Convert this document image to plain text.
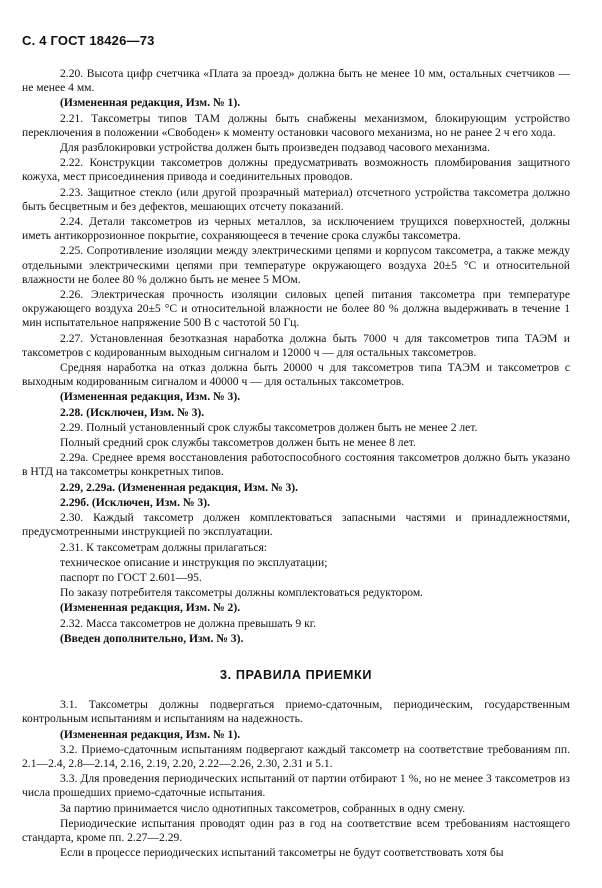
С. 4 ГОСТ 18426—73

2.20. Высота цифр счетчика «Плата за проезд» должна быть не менее 10 мм, остальных счетчиков — не менее 4 мм.

(Измененная редакция, Изм. № 1).

2.21. Таксометры типов ТАМ должны быть снабжены механизмом, блокирующим устройство переключения в положении «Свободен» к моменту остановки часового механизма, но не ранее 2 ч его хода.

Для разблокировки устройства должен быть произведен подзавод часового механизма.

2.22. Конструкции таксометров должны предусматривать возможность пломбирования защитного кожуха, мест присоединения привода и соединительных проводов.

2.23. Защитное стекло (или другой прозрачный материал) отсчетного устройства таксометра должно быть бесцветным и без дефектов, мешающих отсчету показаний.

2.24. Детали таксометров из черных металлов, за исключением трущихся поверхностей, должны иметь антикоррозионное покрытие, сохраняющееся в течение срока службы таксометра.

2.25. Сопротивление изоляции между электрическими цепями и корпусом таксометра, а также между отдельными электрическими цепями при температуре окружающего воздуха 20±5 °С и относительной влажности не более 80 % должно быть не менее 5 МОм.

2.26. Электрическая прочность изоляции силовых цепей питания таксометра при температуре окружающего воздуха 20±5 °С и относительной влажности не более 80 % должна выдерживать в течение 1 мин испытательное напряжение 500 В с частотой 50 Гц.

2.27. Установленная безотказная наработка должна быть 7000 ч для таксометров типа ТАЭМ и таксометров с кодированным выходным сигналом и 12000 ч — для остальных таксометров.

Средняя наработка на отказ должна быть 20000 ч для таксометров типа ТАЭМ и таксометров с выходным кодированным сигналом и 40000 ч — для остальных таксометров.

(Измененная редакция, Изм. № 3).

2.28. (Исключен, Изм. № 3).

2.29. Полный установленный срок службы таксометров должен быть не менее 2 лет.

Полный средний срок службы таксометров должен быть не менее 8 лет.

2.29а. Среднее время восстановления работоспособного состояния таксометров должно быть указано в НТД на таксометры конкретных типов.

2.29, 2.29а. (Измененная редакция, Изм. № 3).

2.29б. (Исключен, Изм. № 3).

2.30. Каждый таксометр должен комплектоваться запасными частями и принадлежностями, предусмотренными инструкцией по эксплуатации.

2.31. К таксометрам должны прилагаться:

техническое описание и инструкция по эксплуатации;

паспорт по ГОСТ 2.601—95.

По заказу потребителя таксометры должны комплектоваться редуктором.

(Измененная редакция, Изм. № 2).

2.32. Масса таксометров не должна превышать 9 кг.

(Введен дополнительно, Изм. № 3).

3. ПРАВИЛА ПРИЕМКИ

3.1. Таксометры должны подвергаться приемо-сдаточным, периодическим, государственным контрольным испытаниям и испытаниям на надежность.

(Измененная редакция, Изм. № 1).

3.2. Приемо-сдаточным испытаниям подвергают каждый таксометр на соответствие требованиям пп. 2.1—2.4, 2.8—2.14, 2.16, 2.19, 2.20, 2.22—2.26, 2.30, 2.31 и 5.1.

3.3. Для проведения периодических испытаний от партии отбирают 1 %, но не менее 3 таксометров из числа прошедших приемо-сдаточные испытания.

За партию принимается число однотипных таксометров, собранных в одну смену.

Периодические испытания проводят один раз в год на соответствие всем требованиям настоящего стандарта, кроме пп. 2.27—2.29.

Если в процессе периодических испытаний таксометры не будут соответствовать хотя бы
